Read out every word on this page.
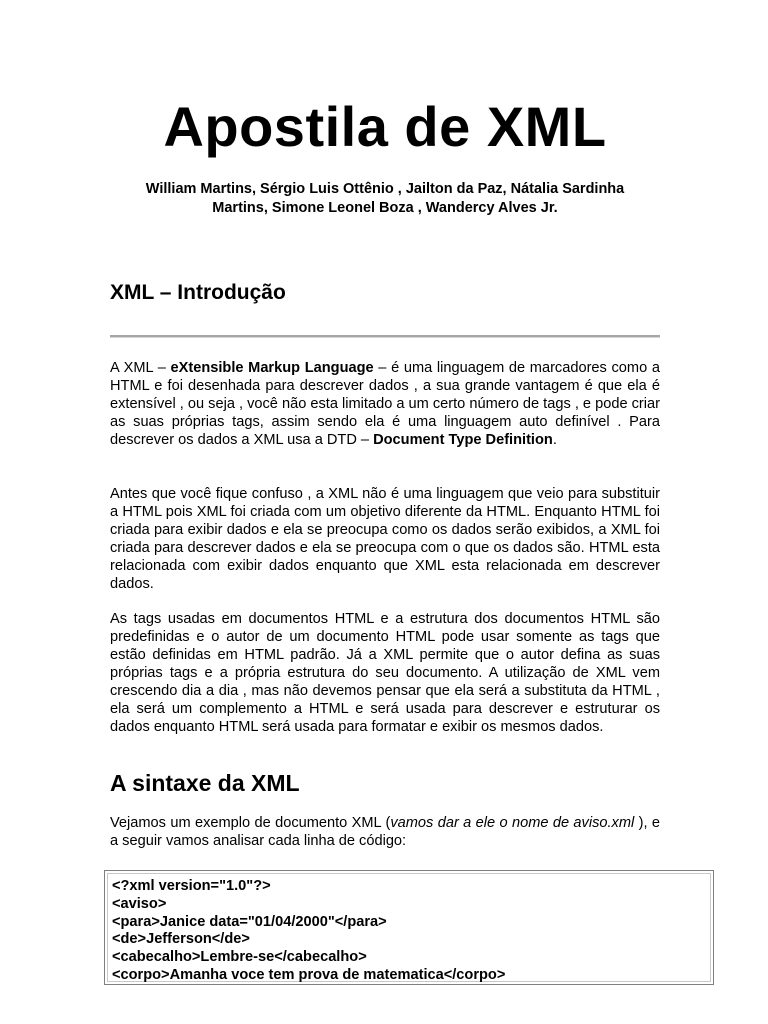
Apostila de XML
William Martins, Sérgio Luis Ottênio , Jailton da Paz, Nátalia Sardinha
Martins, Simone Leonel Boza , Wandercy Alves Jr.
XML – Introdução

A XML – eXtensible Markup Language – é uma linguagem de marcadores como a HTML e foi desenhada para descrever dados , a sua grande vantagem é que ela é extensível , ou seja , você não esta limitado a um certo número de tags , e pode criar as suas próprias tags, assim sendo ela é uma linguagem auto definível . Para descrever os dados a XML usa a DTD – Document Type Definition.

Antes que você fique confuso , a XML não é uma linguagem que veio para substituir a HTML pois XML foi criada com um objetivo diferente da HTML. Enquanto HTML foi criada para exibir dados e ela se preocupa como os dados serão exibidos, a XML foi criada para descrever dados e ela se preocupa com o que os dados são. HTML esta relacionada com exibir dados enquanto que XML esta relacionada em descrever dados.

As tags usadas em documentos HTML e a estrutura dos documentos HTML são predefinidas e o autor de um documento HTML pode usar somente as tags que estão definidas em HTML padrão. Já a XML permite que o autor defina as suas próprias tags e a própria estrutura do seu documento. A utilização de XML vem crescendo dia a dia , mas não devemos pensar que ela será a substituta da HTML , ela será um complemento a HTML e será usada para descrever e estruturar os dados enquanto HTML será usada para formatar e exibir os mesmos dados.

A sintaxe da XML

Vejamos um exemplo de documento XML (vamos dar a ele o nome de aviso.xml ), e a seguir vamos analisar cada linha de código:

<?xml version="1.0"?>
<aviso>
<para>Janice data="01/04/2000"</para>
<de>Jefferson</de>
<cabecalho>Lembre-se</cabecalho>
<corpo>Amanha voce tem prova de matematica</corpo>
